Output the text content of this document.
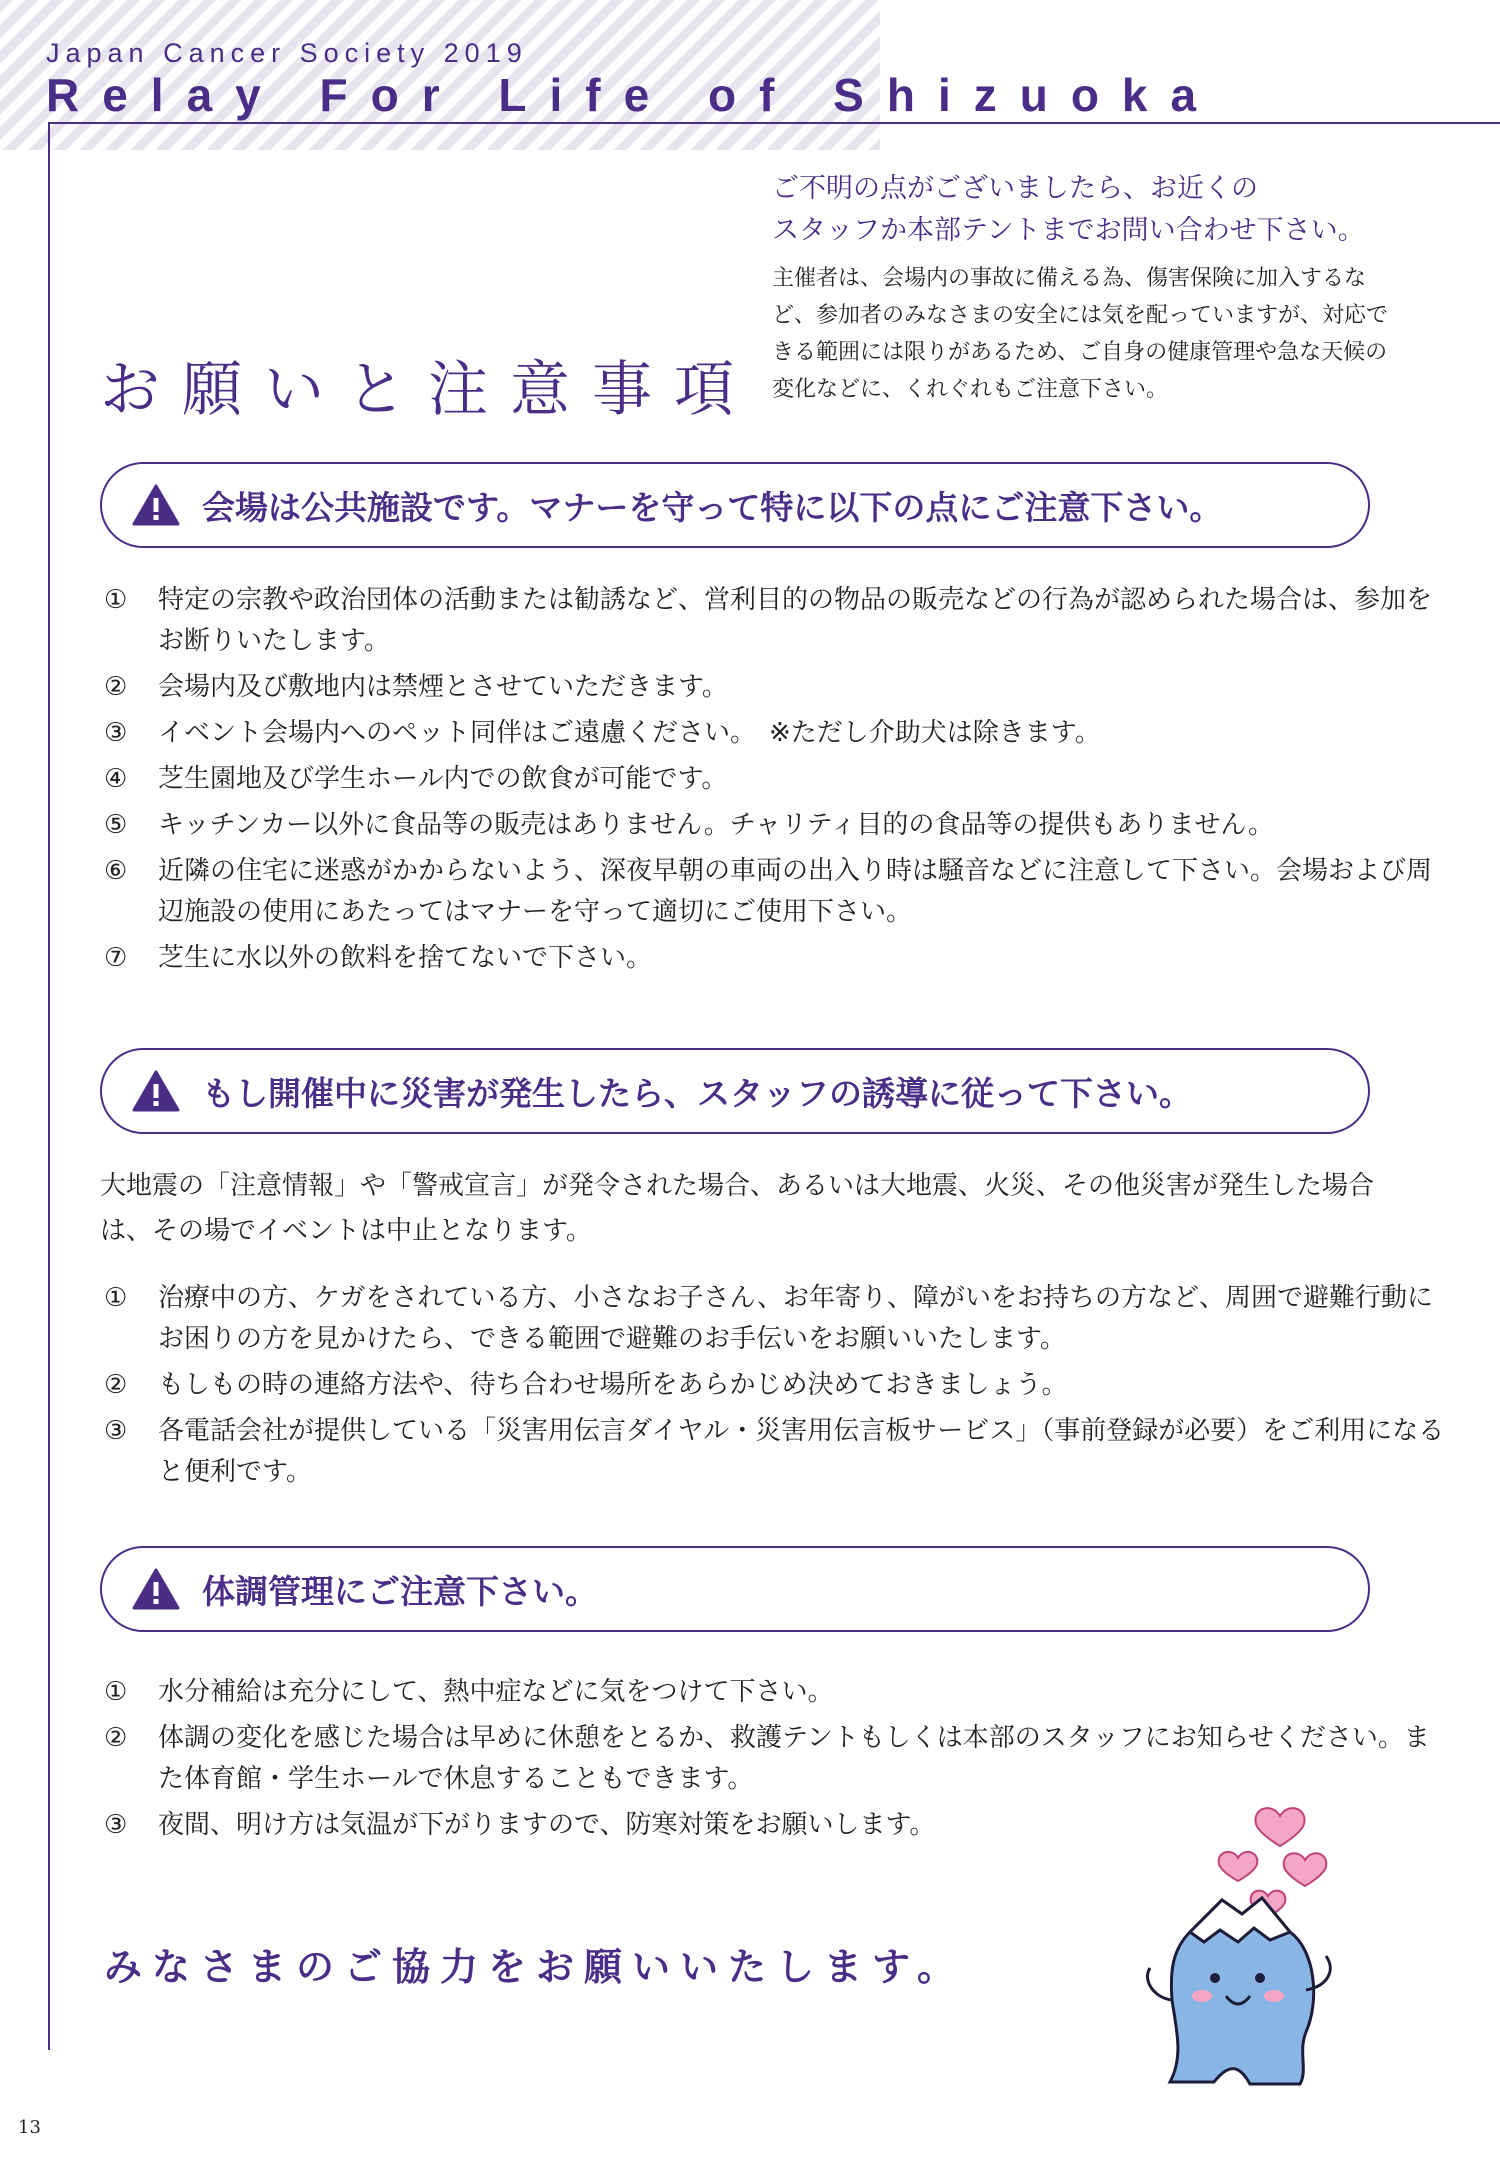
Japan Cancer Society 2019

Relay For Life of Shizuoka

ご不明の点がございましたら、お近くの
スタッフか本部テントまでお問い合わせ下さい。

主催者は、会場内の事故に備える為、傷害保険に加入するなど、参加者のみなさまの安全には気を配っていますが、対応できる範囲には限りがあるため、ご自身の健康管理や急な天候の変化などに、くれぐれもご注意下さい。

お願いと注意事項
会場は公共施設です。マナーを守って特に以下の点にご注意下さい。
①	特定の宗教や政治団体の活動または勧誘など、営利目的の物品の販売などの行為が認められた場合は、参加をお断りいたします。
②	会場内及び敷地内は禁煙とさせていただきます。
③	イベント会場内へのペット同伴はご遠慮ください。　※ただし介助犬は除きます。
④	芝生園地及び学生ホール内での飲食が可能です。
⑤	キッチンカー以外に食品等の販売はありません。チャリティ目的の食品等の提供もありません。
⑥	近隣の住宅に迷惑がかからないよう、深夜早朝の車両の出入り時は騒音などに注意して下さい。会場および周辺施設の使用にあたってはマナーを守って適切にご使用下さい。
⑦	芝生に水以外の飲料を捨てないで下さい。
もし開催中に災害が発生したら、スタッフの誘導に従って下さい。

大地震の「注意情報」や「警戒宣言」が発令された場合、あるいは大地震、火災、その他災害が発生した場合は、その場でイベントは中止となります。

①	治療中の方、ケガをされている方、小さなお子さん、お年寄り、障がいをお持ちの方など、周囲で避難行動にお困りの方を見かけたら、できる範囲で避難のお手伝いをお願いいたします。
②	もしもの時の連絡方法や、待ち合わせ場所をあらかじめ決めておきましょう。
③	各電話会社が提供している「災害用伝言ダイヤル・災害用伝言板サービス」（事前登録が必要）をご利用になると便利です。
体調管理にご注意下さい。
①	水分補給は充分にして、熱中症などに気をつけて下さい。
②	体調の変化を感じた場合は早めに休憩をとるか、救護テントもしくは本部のスタッフにお知らせください。また体育館・学生ホールで休息することもできます。
③	夜間、明け方は気温が下がりますので、防寒対策をお願いします。

みなさまのご協力をお願いいたします。

13
